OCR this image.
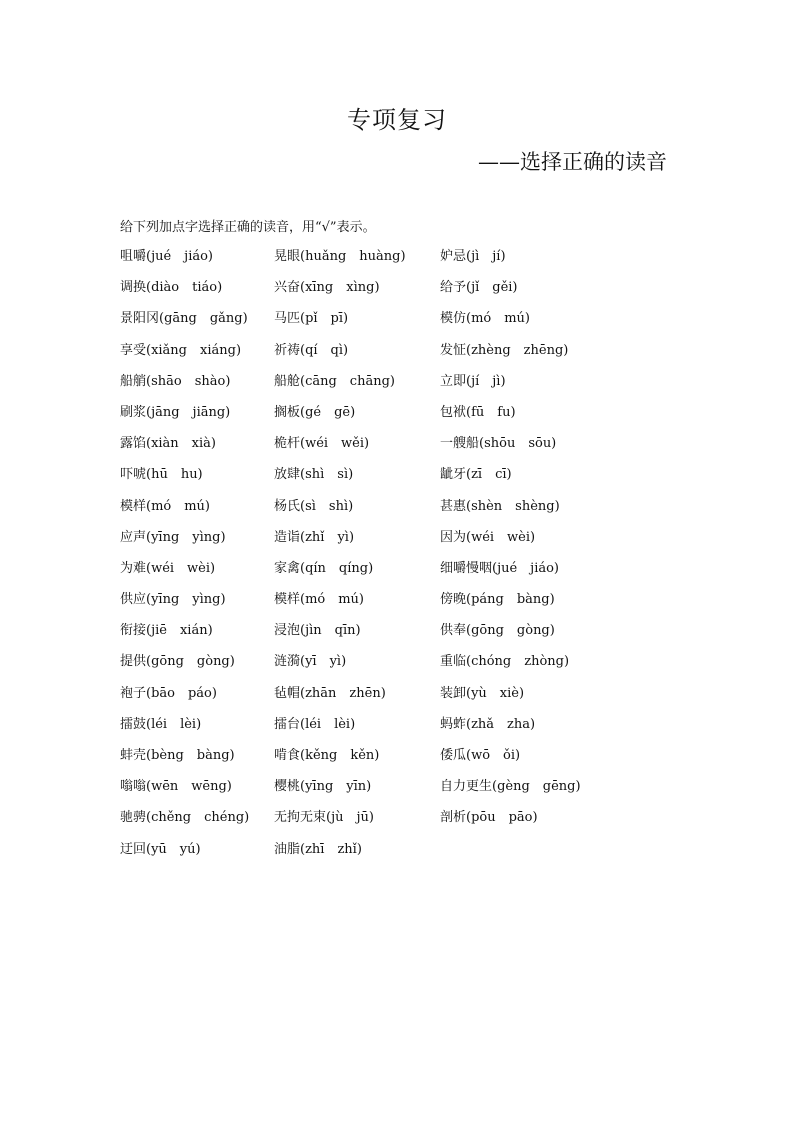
专项复习
——选择正确的读音
给下列加点字选择正确的读音，用“√”表示。
咀嚼(jué　jiáo)	晃眼(huǎng　huàng)	妒忌(jì　jí)
调换(diào　tiáo)	兴奋(xīng　xìng)	给予(jǐ　gěi)
景阳冈(gāng　gǎng) 马匹(pǐ　pī)	模仿(mó　mú)
享受(xiǎng　xiáng)	祈祷(qí　qì)	发怔(zhèng　zhēng)
船艄(shāo　shào)	船舱(cāng　chāng)	立即(jí　jì)
刷浆(jāng　jiāng)	搁板(gé　gē)	包袱(fū　fu)
露馅(xiàn　xià)	桅杆(wéi　wěi)	一艘船(shōu　sōu)
吓唬(hū　hu)	放肆(shì　sì)	龇牙(zī　cī)
模样(mó　mú)	杨氏(sì　shì)	甚惠(shèn　shèng)
应声(yīng　yìng)	造诣(zhǐ　yì)	因为(wéi　wèi)
为难(wéi　wèi)	家禽(qín　qíng)	细嚼慢咽(jué　jiáo)
供应(yīng　yìng)	模样(mó　mú)	傍晚(páng　bàng)
衔接(jiē　xián)	浸泡(jìn　qīn)	供奉(gōng　gòng)
提供(gōng　gòng)	涟漪(yī　yì)	重临(chóng　zhòng)
袍子(bāo　páo)	毡帽(zhān　zhēn)	装卸(yù　xiè)
擂鼓(léi　lèi)	擂台(léi　lèi)	蚂蚱(zhǎ　zha)
蚌壳(bèng　bàng)	啃食(kěng　kěn)	倭瓜(wō　ǒi)
嗡嗡(wēn　wēng)	樱桃(yīng　yīn)	自力更生(gèng　gēng)
驰骋(chěng　chéng) 无拘无束(jù　jū)	剖析(pōu　pāo)
迂回(yū　yú)	油脂(zhī　zhǐ)
